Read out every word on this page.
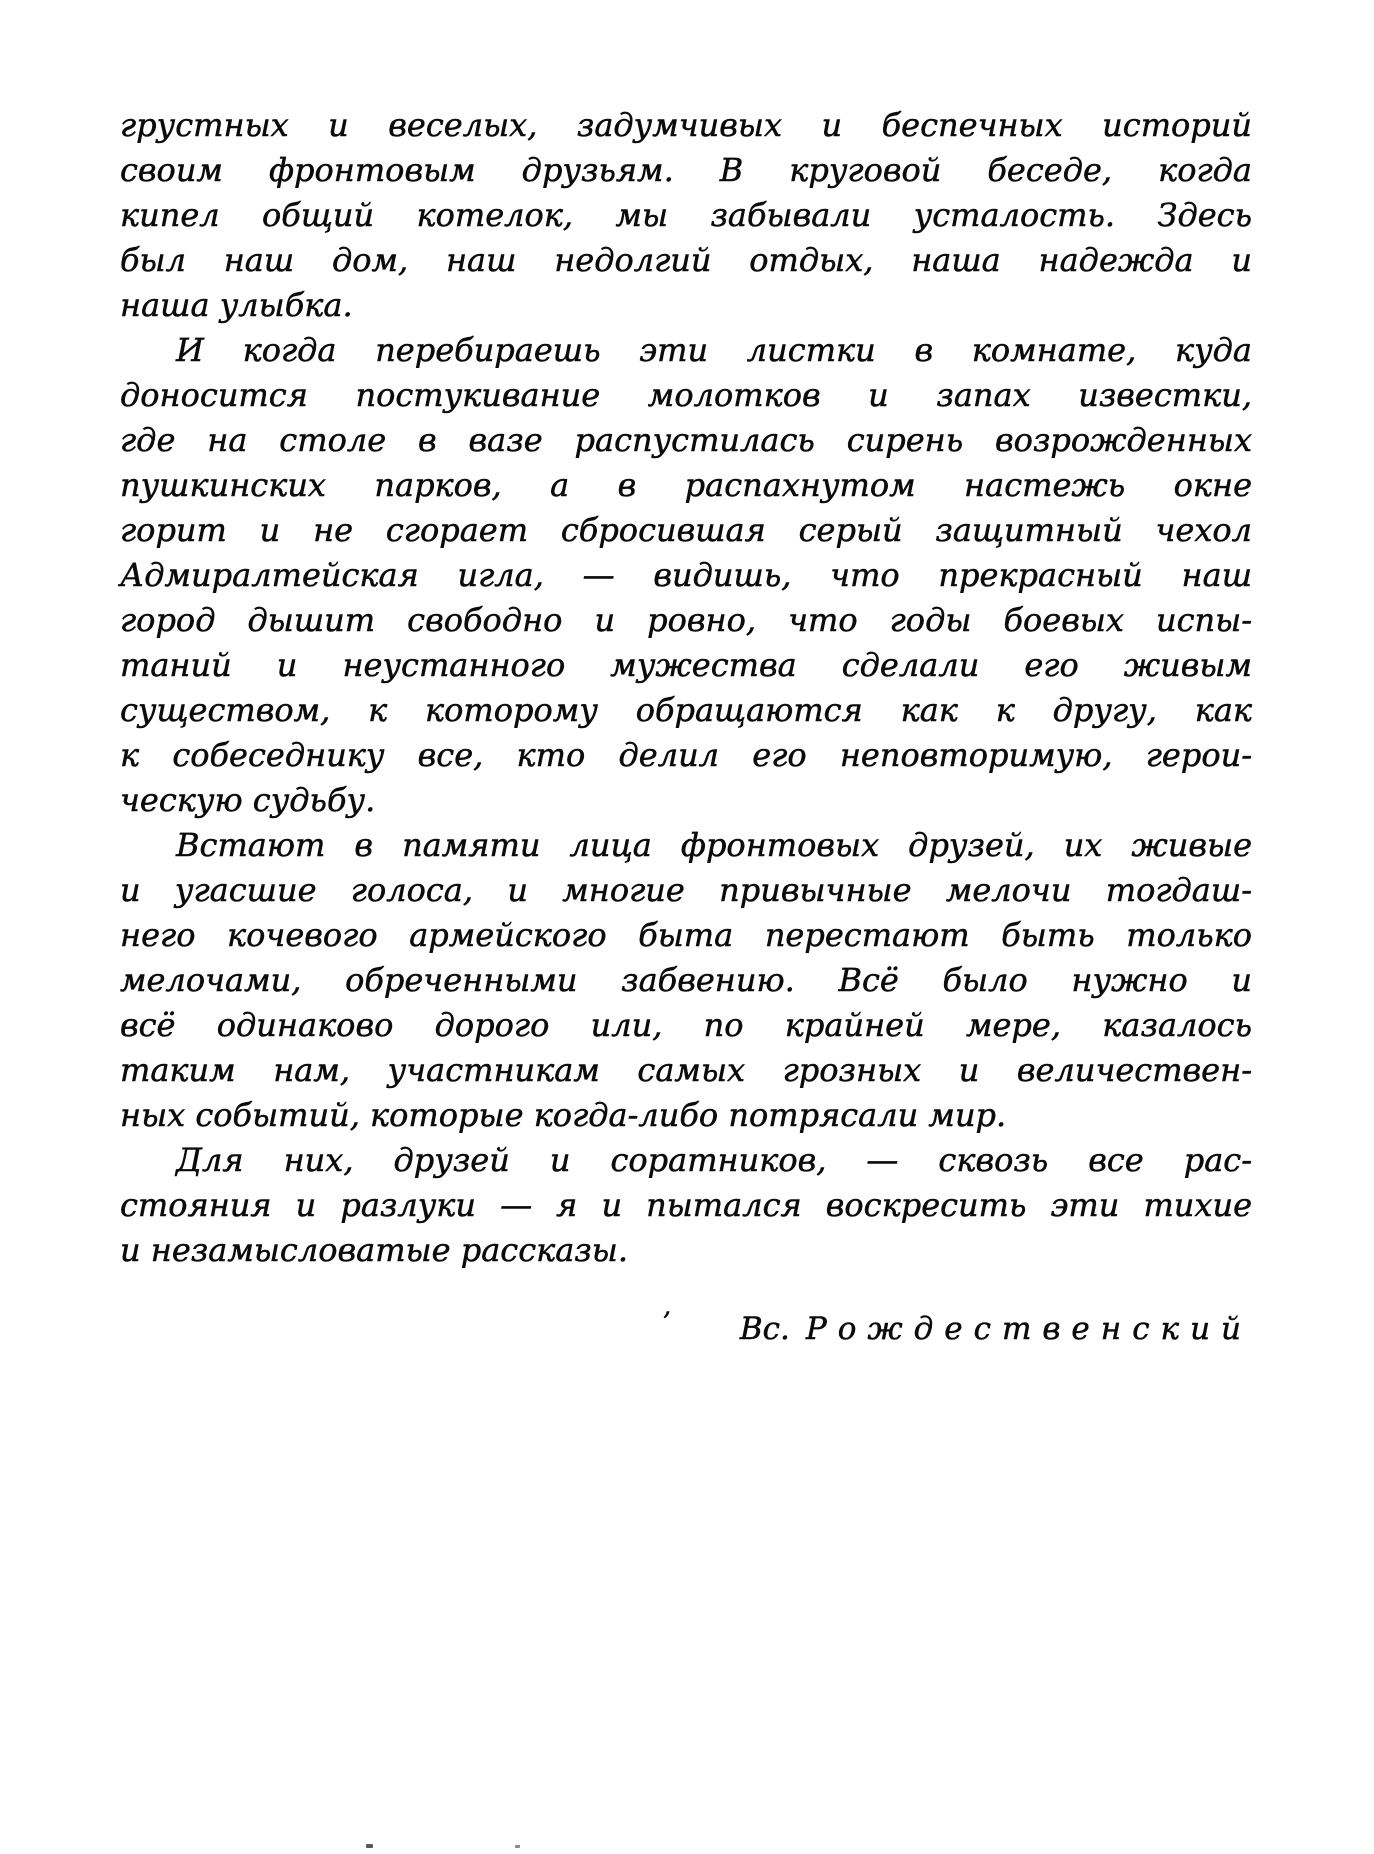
грустных и веселых, задумчивых и беспечных историй
своим фронтовым друзьям. В круговой беседе, когда
кипел общий котелок, мы забывали усталость. Здесь
был наш дом, наш недолгий отдых, наша надежда и
наша улыбка.
И когда перебираешь эти листки в комнате, куда
доносится постукивание молотков и запах известки,
где на столе в вазе распустилась сирень возрожденных
пушкинских парков, а в распахнутом настежь окне
горит и не сгорает сбросившая серый защитный чехол
Адмиралтейская игла, — видишь, что прекрасный наш
город дышит свободно и ровно, что годы боевых испы-
таний и неустанного мужества сделали его живым
существом, к которому обращаются как к другу, как
к собеседнику все, кто делил его неповторимую, герои-
ческую судьбу.
Встают в памяти лица фронтовых друзей, их живые
и угасшие голоса, и многие привычные мелочи тогдаш-
него кочевого армейского быта перестают быть только
мелочами, обреченными забвению. Всё было нужно и
всё одинаково дорого или, по крайней мере, казалось
таким нам, участникам самых грозных и величествен-
ных событий, которые когда-либо потрясали мир.
Для них, друзей и соратников, — сквозь все рас-
стояния и разлуки — я и пытался воскресить эти тихие
и незамысловатые рассказы.
$^ʼ$ Вс. Рождественский
